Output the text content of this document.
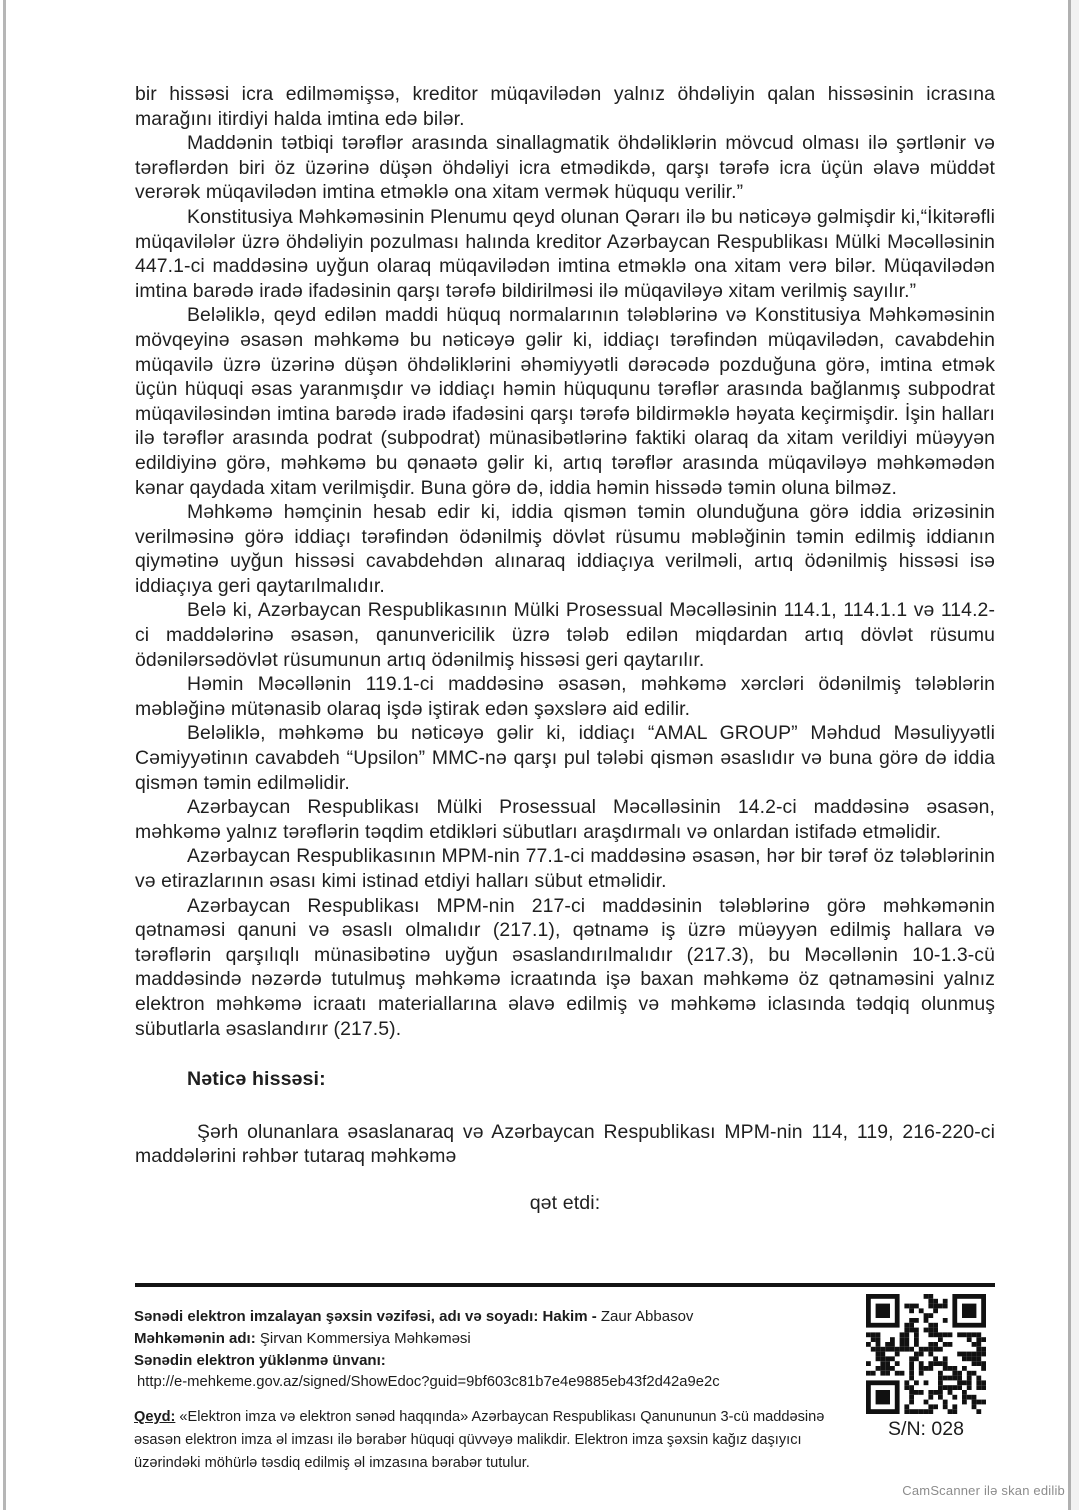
bir hissəsi icra edilməmişsə, kreditor müqavilədən yalnız öhdəliyin qalan hissəsinin icrasına marağını itirdiyi halda imtina edə bilər.

Maddənin tətbiqi tərəflər arasında sinallagmatik öhdəliklərin mövcud olması ilə şərtlənir və tərəflərdən biri öz üzərinə düşən öhdəliyi icra etmədikdə, qarşı tərəfə icra üçün əlavə müddət verərək müqavilədən imtina etməklə ona xitam vermək hüququ verilir.”

Konstitusiya Məhkəməsinin Plenumu qeyd olunan Qərarı ilə bu nəticəyə gəlmişdir ki,“İkitərəfli müqavilələr üzrə öhdəliyin pozulması halında kreditor Azərbaycan Respublikası Mülki Məcəlləsinin 447.1-ci maddəsinə uyğun olaraq müqavilədən imtina etməklə ona xitam verə bilər. Müqavilədən imtina barədə iradə ifadəsinin qarşı tərəfə bildirilməsi ilə müqaviləyə xitam verilmiş sayılır.”

Beləliklə, qeyd edilən maddi hüquq normalarının tələblərinə və Konstitusiya Məhkəməsinin mövqeyinə əsasən məhkəmə bu nəticəyə gəlir ki, iddiaçı tərəfindən müqavilədən, cavabdehin müqavilə üzrə üzərinə düşən öhdəliklərini əhəmiyyətli dərəcədə pozduğuna görə, imtina etmək üçün hüquqi əsas yaranmışdır və iddiaçı həmin hüququnu tərəflər arasında bağlanmış subpodrat müqaviləsindən imtina barədə iradə ifadəsini qarşı tərəfə bildirməklə həyata keçirmişdir. İşin halları ilə tərəflər arasında podrat (subpodrat) münasibətlərinə faktiki olaraq da xitam verildiyi müəyyən edildiyinə görə, məhkəmə bu qənaətə gəlir ki, artıq tərəflər arasında müqaviləyə məhkəmədən kənar qaydada xitam verilmişdir. Buna görə də, iddia həmin hissədə təmin oluna bilməz.

Məhkəmə həmçinin hesab edir ki, iddia qismən təmin olunduğuna görə iddia ərizəsinin verilməsinə görə iddiaçı tərəfindən ödənilmiş dövlət rüsumu məbləğinin təmin edilmiş iddianın qiymətinə uyğun hissəsi cavabdehdən alınaraq iddiaçıya verilməli, artıq ödənilmiş hissəsi isə iddiaçıya geri qaytarılmalıdır.

Belə ki, Azərbaycan Respublikasının Mülki Prosessual Məcəlləsinin 114.1, 114.1.1 və 114.2-ci maddələrinə əsasən, qanunvericilik üzrə tələb edilən miqdardan artıq dövlət rüsumu ödənilərsədövlət rüsumunun artıq ödənilmiş hissəsi geri qaytarılır.

Həmin Məcəllənin 119.1-ci maddəsinə əsasən, məhkəmə xərcləri ödənilmiş tələblərin məbləğinə mütənasib olaraq işdə iştirak edən şəxslərə aid edilir.

Beləliklə, məhkəmə bu nəticəyə gəlir ki, iddiaçı “AMAL GROUP” Məhdud Məsuliyyətli Cəmiyyətinın cavabdeh “Upsilon” MMC-nə qarşı pul tələbi qismən əsaslıdır və buna görə də iddia qismən təmin edilməlidir.

Azərbaycan Respublikası Mülki Prosessual Məcəlləsinin 14.2-ci maddəsinə əsasən, məhkəmə yalnız tərəflərin təqdim etdikləri sübutları araşdırmalı və onlardan istifadə etməlidir.

Azərbaycan Respublikasının MPM-nin 77.1-ci maddəsinə əsasən, hər bir tərəf öz tələblərinin və etirazlarının əsası kimi istinad etdiyi halları sübut etməlidir.

Azərbaycan Respublikası MPM-nin 217-ci maddəsinin tələblərinə görə məhkəmənin qətnaməsi qanuni və əsaslı olmalıdır (217.1), qətnamə iş üzrə müəyyən edilmiş hallara və tərəflərin qarşılıqlı münasibətinə uyğun əsaslandırılmalıdır (217.3), bu Məcəllənin 10-1.3-cü maddəsində nəzərdə tutulmuş məhkəmə icraatında işə baxan məhkəmə öz qətnaməsini yalnız elektron məhkəmə icraatı materiallarına əlavə edilmiş və məhkəmə iclasında tədqiq olunmuş sübutlarla əsaslandırır (217.5).

Nəticə hissəsi:

Şərh olunanlara əsaslanaraq və Azərbaycan Respublikası MPM-nin 114, 119, 216-220-ci maddələrini rəhbər tutaraq məhkəmə

qət etdi:

Sənədi elektron imzalayan şəxsin vəzifəsi, adı və soyadı: Hakim - Zaur Abbasov
Məhkəmənin adı: Şirvan Kommersiya Məhkəməsi
Sənədin elektron yüklənmə ünvanı:
http://e-mehkeme.gov.az/signed/ShowEdoc?guid=9bf603c81b7e4e9885eb43f2d42a9e2c
Qeyd: «Elektron imza və elektron sənəd haqqında» Azərbaycan Respublikası Qanununun 3-cü maddəsinə əsasən elektron imza əl imzası ilə bərabər hüquqi qüvvəyə malikdir. Elektron imza şəxsin kağız daşıyıcı üzərindəki möhürlə təsdiq edilmiş əl imzasına bərabər tutulur.
S/N: 028
CamScanner ilə skan edilib
